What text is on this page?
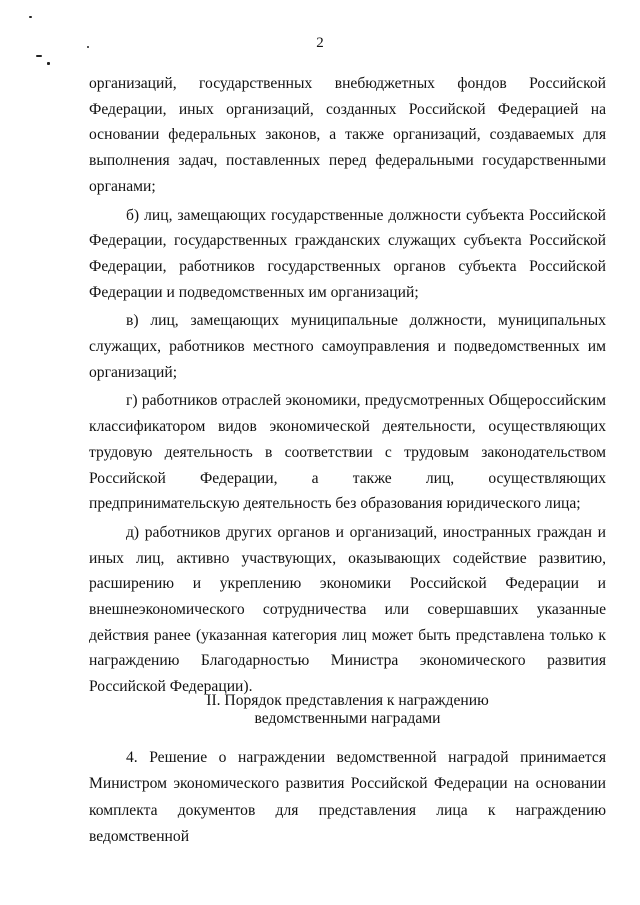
2

организаций, государственных внебюджетных фондов Российской Федерации, иных организаций, созданных Российской Федерацией на основании федеральных законов, а также организаций, создаваемых для выполнения задач, поставленных перед федеральными государственными органами;

б) лиц, замещающих государственные должности субъекта Российской Федерации, государственных гражданских служащих субъекта Российской Федерации, работников государственных органов субъекта Российской Федерации и подведомственных им организаций;

в) лиц, замещающих муниципальные должности, муниципальных служащих, работников местного самоуправления и подведомственных им организаций;

г) работников отраслей экономики, предусмотренных Общероссийским классификатором видов экономической деятельности, осуществляющих трудовую деятельность в соответствии с трудовым законодательством Российской Федерации, а также лиц, осуществляющих предпринимательскую деятельность без образования юридического лица;

д) работников других органов и организаций, иностранных граждан и иных лиц, активно участвующих, оказывающих содействие развитию, расширению и укреплению экономики Российской Федерации и внешнеэкономического сотрудничества или совершавших указанные действия ранее (указанная категория лиц может быть представлена только к награждению Благодарностью Министра экономического развития Российской Федерации).

II. Порядок представления к награждению
ведомственными наградами

4. Решение о награждении ведомственной наградой принимается Министром экономического развития Российской Федерации на основании комплекта документов для представления лица к награждению ведомственной
